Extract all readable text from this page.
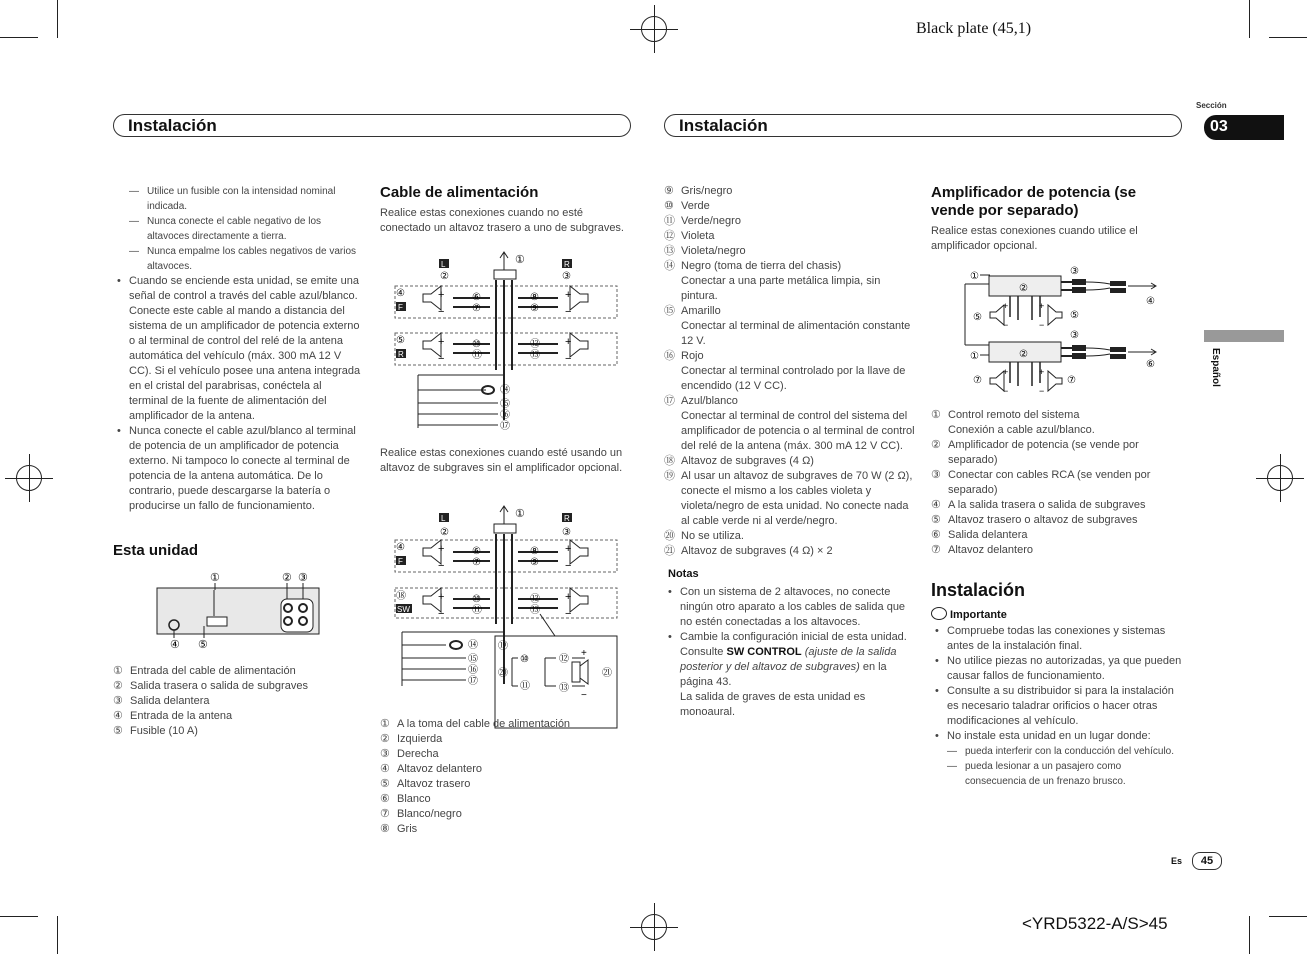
Black plate (45,1)
Sección
03
Español
Instalación	Instalación

— Utilice un fusible con la intensidad nominal indicada.

— Nunca conecte el cable negativo de los altavoces directamente a tierra.

— Nunca empalme los cables negativos de varios altavoces.

• Cuando se enciende esta unidad, se emite una señal de control a través del cable azul/blanco. Conecte este cable al mando a distancia del sistema de un amplificador de potencia externo o al terminal de control del relé de la antena automática del vehículo (máx. 300 mA 12 V CC). Si el vehículo posee una antena integrada en el cristal del parabrisas, conéctela al terminal de la fuente de alimentación del amplificador de la antena.

• Nunca conecte el cable azul/blanco al terminal de potencia de un amplificador de potencia externo. Ni tampoco lo conecte al terminal de potencia de la antena automática. De lo contrario, puede descargarse la batería o producirse un fallo de funcionamiento.

Esta unidad
①	② ③
④ ⑤

① Entrada del cable de alimentación

② Salida trasera o salida de subgraves

③ Salida delantera

④ Entrada de la antena

⑤ Fusible (10 A)

Cable de alimentación
Realice estas conexiones cuando no esté conectado un altavoz trasero a uno de subgraves.
L	R
②	③
①
④
F
⑤
R
+
−
+
−
+
−
+
−
⑥
⑦
⑧
⑨
⑩
⑪
⑫
⑬
⑭
⑮
⑯
⑰
Realice estas conexiones cuando esté usando un altavoz de subgraves sin el amplificador opcional.
L	R
②	③
①
④
F
⑱
SW
+
−
+
−
+
−
+
−
⑥
⑦
⑧
⑨
⑩
⑪
⑫
⑬
⑭
⑮
⑯
⑰
⑲
⑳
⑩
⑪
⑫
⑬
+
−
㉑

① A la toma del cable de alimentación

② Izquierda

③ Derecha

④ Altavoz delantero

⑤ Altavoz trasero

⑥ Blanco

⑦ Blanco/negro

⑧ Gris

⑨ Gris/negro

⑩ Verde

⑪ Verde/negro

⑫ Violeta

⑬ Violeta/negro

⑭ Negro (toma de tierra del chasis)

Conectar a una parte metálica limpia, sin pintura.

⑮ Amarillo

Conectar al terminal de alimentación constante 12 V.

⑯ Rojo

Conectar al terminal controlado por la llave de encendido (12 V CC).

⑰ Azul/blanco

Conectar al terminal de control del sistema del amplificador de potencia o al terminal de control del relé de la antena (máx. 300 mA 12 V CC).

⑱ Altavoz de subgraves (4 Ω)

⑲ Al usar un altavoz de subgraves de 70 W (2 Ω), conecte el mismo a los cables violeta y violeta/negro de esta unidad. No conecte nada al cable verde ni al verde/negro.

⑳ No se utiliza.

㉑ Altavoz de subgraves (4 Ω) × 2

Notas

• Con un sistema de 2 altavoces, no conecte ningún otro aparato a los cables de salida que no estén conectadas a los altavoces.

• Cambie la configuración inicial de esta unidad. Consulte SW CONTROL (ajuste de la salida posterior y del altavoz de subgraves) en la página 43.

La salida de graves de esta unidad es monoaural.

Amplificador de potencia (se vende por separado)
Realice estas conexiones cuando utilice el amplificador opcional.
①
①
②
②
③
⑤
③
④
⑥
⑤
⑦	⑦
+
−
+
−
+
−
+
−

① Control remoto del sistema

Conexión a cable azul/blanco.

② Amplificador de potencia (se vende por separado)

③ Conectar con cables RCA (se venden por separado)

④ A la salida trasera o salida de subgraves

⑤ Altavoz trasero o altavoz de subgraves

⑥ Salida delantera

⑦ Altavoz delantero

Instalación
Importante

• Compruebe todas las conexiones y sistemas antes de la instalación final.

• No utilice piezas no autorizadas, ya que pueden causar fallos de funcionamiento.

• Consulte a su distribuidor si para la instalación es necesario taladrar orificios o hacer otras modificaciones al vehículo.

• No instale esta unidad en un lugar donde:

— pueda interferir con la conducción del vehículo.

— pueda lesionar a un pasajero como consecuencia de un frenazo brusco.

Es	45
<YRD5322-A/S>45
